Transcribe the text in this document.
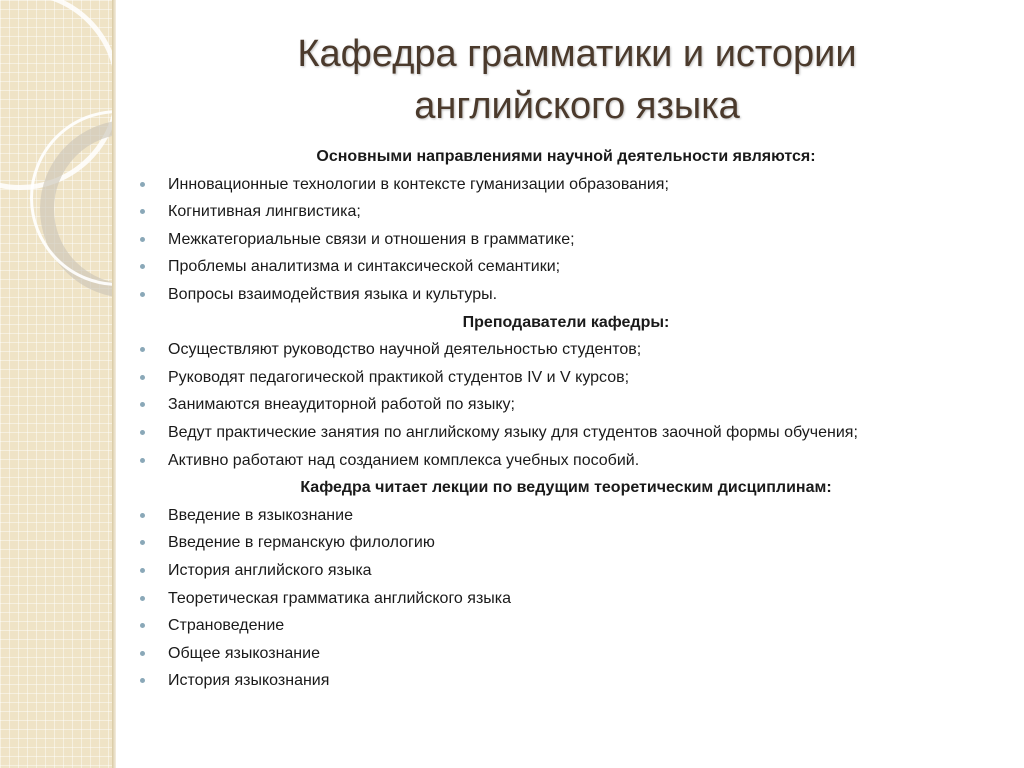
Кафедра грамматики и истории
английского языка
Основными направлениями научной деятельности являются:
Инновационные технологии в контексте гуманизации образования;
Когнитивная лингвистика;
Межкатегориальные связи и отношения в грамматике;
Проблемы аналитизма и синтаксической семантики;
Вопросы взаимодействия языка и культуры.
Преподаватели кафедры:
Осуществляют руководство научной деятельностью студентов;
Руководят педагогической практикой студентов IV и V курсов;
Занимаются внеаудиторной работой по языку;
Ведут практические занятия по английскому языку для студентов заочной формы обучения;
Активно работают над созданием комплекса учебных пособий.
Кафедра читает лекции по ведущим теоретическим дисциплинам:
Введение в языкознание
Введение в германскую филологию
История английского языка
Теоретическая грамматика английского языка
Страноведение
Общее языкознание
История языкознания
